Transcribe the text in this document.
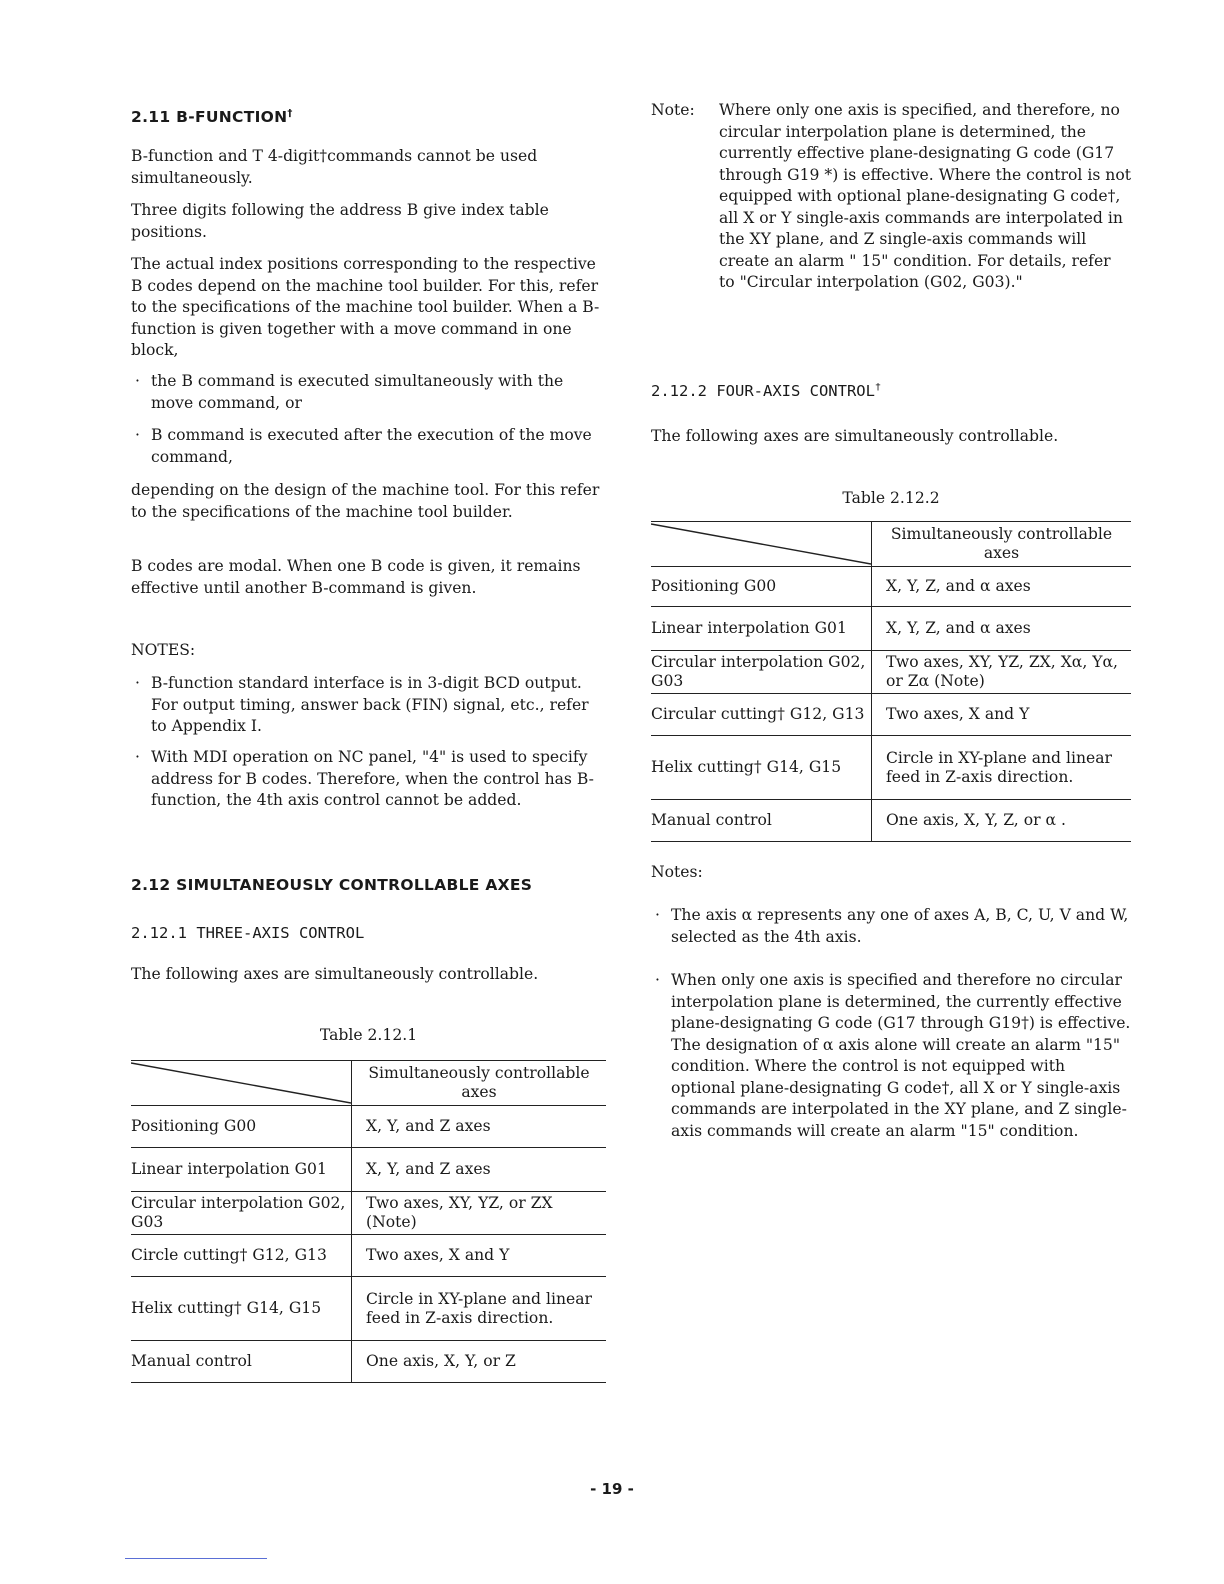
2.11 B-FUNCTION†

B-function and T 4-digit†commands cannot be used simultaneously.

Three digits following the address B give index table positions.

The actual index positions corresponding to the respective B codes depend on the machine tool builder. For this, refer to the specifications of the machine tool builder. When a B-function is given together with a move command in one block,

· the B command is executed simultaneously with the move command, or
· B command is executed after the execution of the move command,

depending on the design of the machine tool. For this refer to the specifications of the machine tool builder.

B codes are modal. When one B code is given, it remains effective until another B-command is given.

NOTES:
· B-function standard interface is in 3-digit BCD output. For output timing, answer back (FIN) signal, etc., refer to Appendix I.
· With MDI operation on NC panel, "4" is used to specify address for B codes. Therefore, when the control has B-function, the 4th axis control cannot be added.
2.12 SIMULTANEOUSLY CONTROLLABLE AXES
2.12.1 THREE-AXIS CONTROL

The following axes are simultaneously controllable.

Table 2.12.1
	Simultaneously controllable axes
Positioning G00	X, Y, and Z axes
Linear interpolation G01	X, Y, and Z axes
Circular interpolation G02, G03	Two axes, XY, YZ, or ZX (Note)
Circle cutting† G12, G13	Two axes, X and Y
Helix cutting† G14, G15	Circle in XY-plane and linear feed in Z-axis direction.
Manual control	One axis, X, Y, or Z
Note: Where only one axis is specified, and therefore, no circular interpolation plane is determined, the currently effective plane-designating G code (G17 through G19 *) is effective. Where the control is not equipped with optional plane-designating G code†, all X or Y single-axis commands are interpolated in the XY plane, and Z single-axis commands will create an alarm " 15" condition. For details, refer to "Circular interpolation (G02, G03)."
2.12.2 FOUR-AXIS CONTROL†

The following axes are simultaneously controllable.

Table 2.12.2
	Simultaneously controllable axes
Positioning G00	X, Y, Z, and α axes
Linear interpolation G01	X, Y, Z, and α axes
Circular interpolation G02, G03	Two axes, XY, YZ, ZX, Xα, Yα, or Zα (Note)
Circular cutting† G12, G13	Two axes, X and Y
Helix cutting† G14, G15	Circle in XY-plane and linear feed in Z-axis direction.
Manual control	One axis, X, Y, Z, or α .
Notes:
· The axis α represents any one of axes A, B, C, U, V and W, selected as the 4th axis.
· When only one axis is specified and therefore no circular interpolation plane is determined, the currently effective plane-designating G code (G17 through G19†) is effective. The designation of α axis alone will create an alarm "15" condition. Where the control is not equipped with optional plane-designating G code†, all X or Y single-axis commands are interpolated in the XY plane, and Z single-axis commands will create an alarm "15" condition.
- 19 -
